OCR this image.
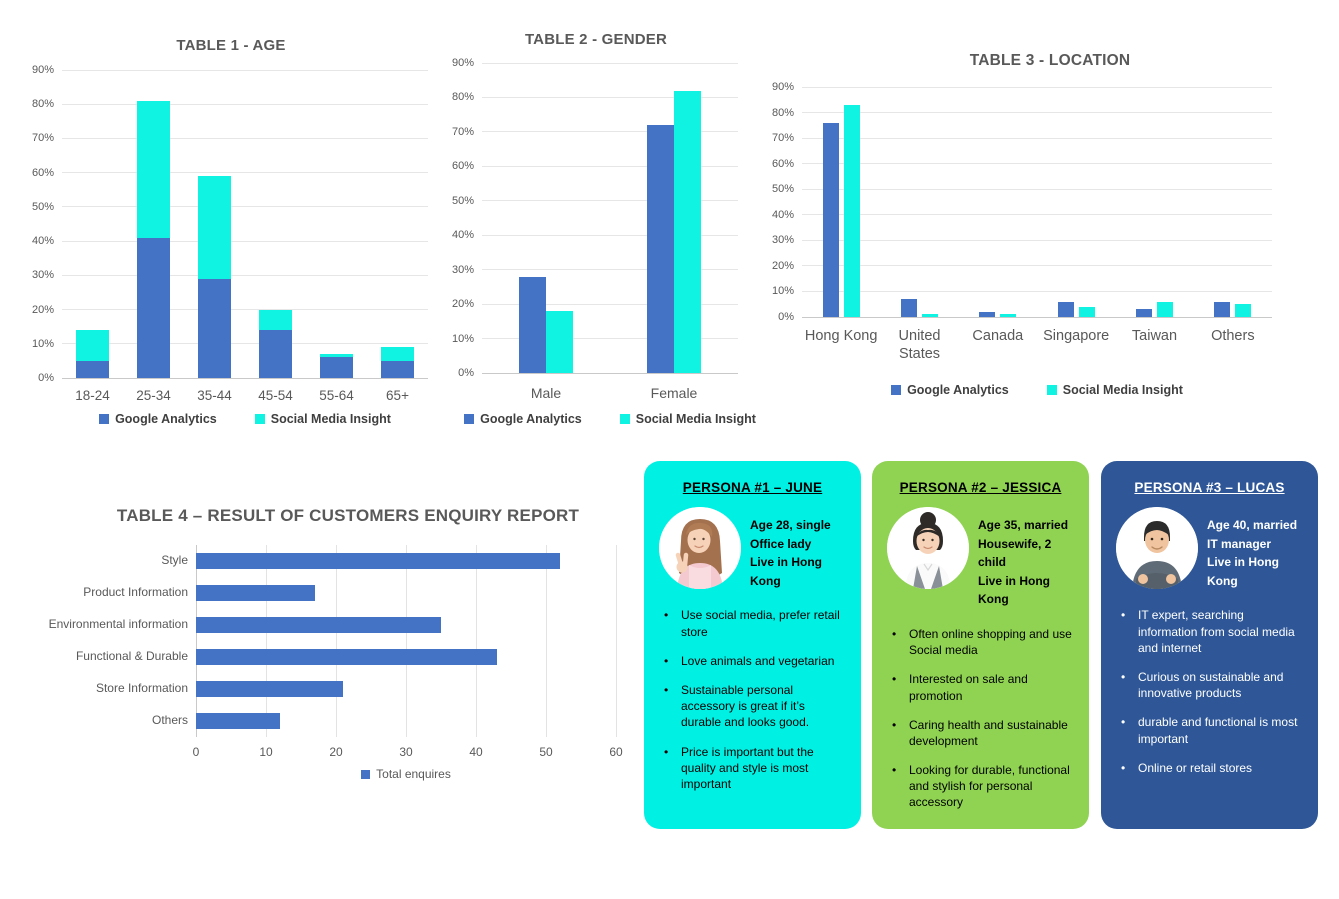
TABLE 1 - AGE
0%
10%
20%
30%
40%
50%
60%
70%
80%
90%
18-24	25-34	35-44	45-54	55-64	65+
Google Analytics	Social Media Insight
TABLE 2 - GENDER
0%
10%
20%
30%
40%
50%
60%
70%
80%
90%
Male	Female
Google Analytics	Social Media Insight
TABLE 3 - LOCATION
0%
10%
20%
30%
40%
50%
60%
70%
80%
90%
Hong Kong	United States
Canada	Singapore	Taiwan	Others
Google Analytics	Social Media Insight
TABLE 4 – RESULT OF CUSTOMERS ENQUIRY REPORT
0	10	20	30	40	50	60
Style
Product Information
Environmental information
Functional & Durable
Store Information
Others
Total enquires
PERSONA #1 – JUNE
Age 28, single
Office lady
Live in Hong Kong
• Use social media, prefer retail store
• Love animals and vegetarian
• Sustainable personal accessory is great if it’s durable and looks good.
• Price is important but the quality and style is most important
PERSONA #2 – JESSICA
Age 35, married
Housewife, 2 child
Live in Hong Kong
• Often online shopping and use Social media
• Interested on sale and promotion
• Caring health and sustainable development
• Looking for durable, functional and stylish for personal accessory
PERSONA #3 – LUCAS
Age 40, married
IT manager
Live in Hong Kong
• IT expert, searching information from social media and internet
• Curious on sustainable and innovative products
• durable and functional is most important
• Online or retail stores
